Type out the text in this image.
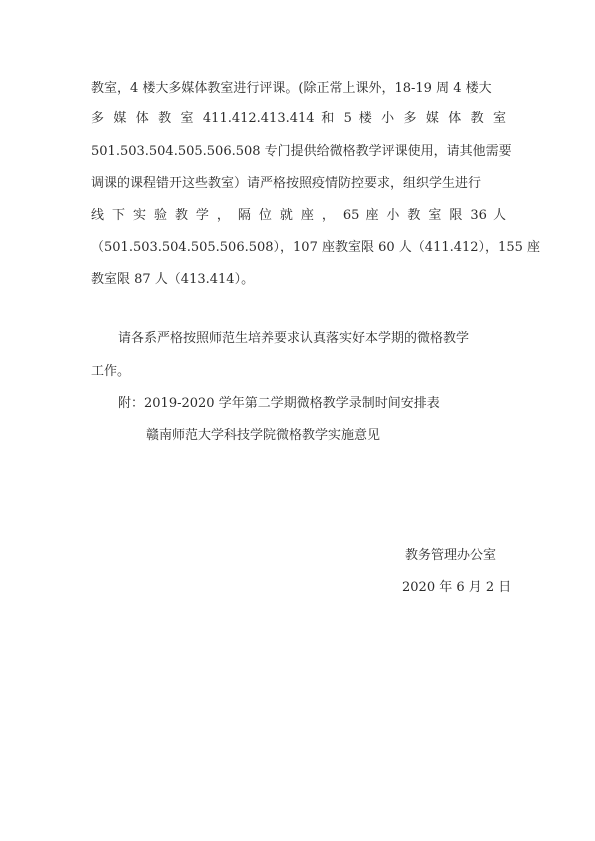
教室，4 楼大多媒体教室进行评课。(除正常上课外，18-19 周 4 楼大
多 媒 体 教 室 411.412.413.414 和 5 楼 小 多 媒 体 教 室
501.503.504.505.506.508 专门提供给微格教学评课使用，请其他需要
调课的课程错开这些教室）请严格按照疫情防控要求，组织学生进行
线 下 实 验 教 学 ， 隔 位 就 座 ， 65 座 小 教 室 限 36 人
（501.503.504.505.506.508），107 座教室限 60 人（411.412），155 座
教室限 87 人（413.414）。
请各系严格按照师范生培养要求认真落实好本学期的微格教学
工作。
附：2019-2020 学年第二学期微格教学录制时间安排表
赣南师范大学科技学院微格教学实施意见
教务管理办公室
2020 年 6 月 2 日
